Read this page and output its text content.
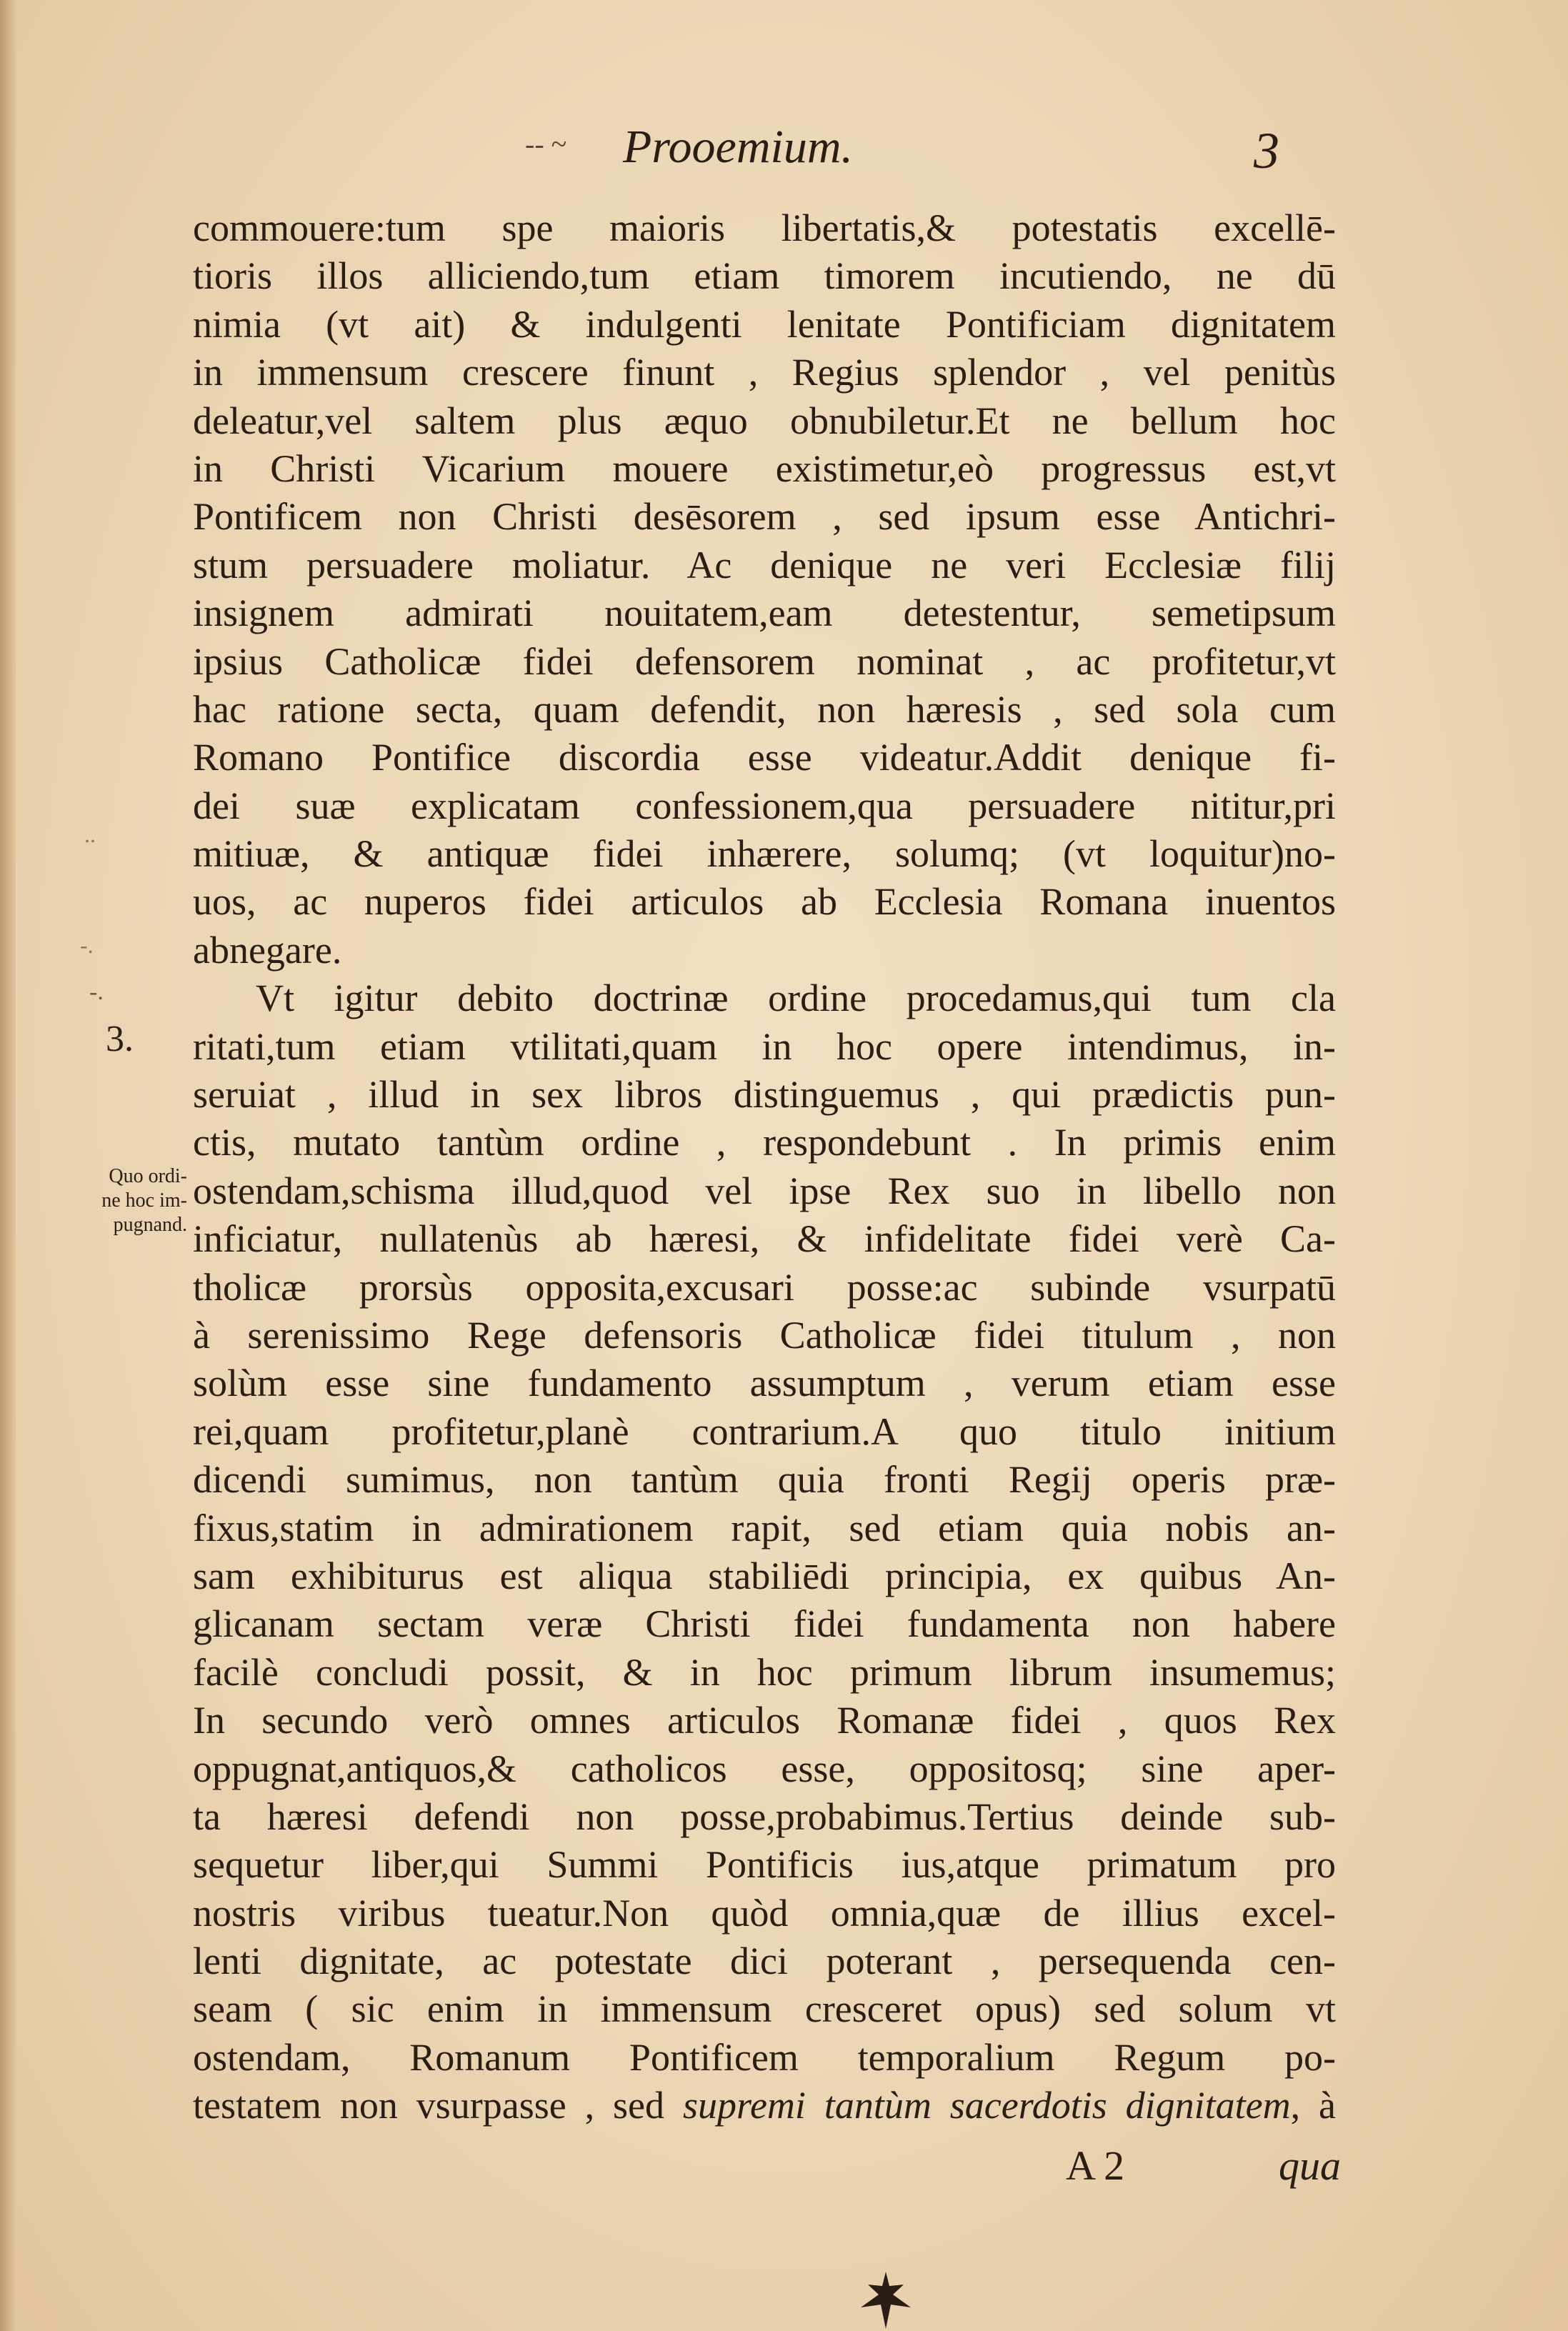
-- ~ Prooemium.	3
commouere:tum spe maioris libertatis,& potestatis excellē-
tioris illos alliciendo,tum etiam timorem incutiendo, ne dū
nimia (vt ait) & indulgenti lenitate Pontificiam dignitatem
in immensum crescere finunt , Regius splendor , vel penitùs
deleatur,vel saltem plus æquo obnubiletur.Et ne bellum hoc
in Christi Vicarium mouere existimetur,eò progressus est,vt
Pontificem non Christi desēsorem , sed ipsum esse Antichri-
stum persuadere moliatur. Ac denique ne veri Ecclesiæ filij
insignem admirati nouitatem,eam detestentur, semetipsum
ipsius Catholicæ fidei defensorem nominat , ac profitetur,vt
hac ratione secta, quam defendit, non hæresis , sed sola cum
Romano Pontifice discordia esse videatur.Addit denique fi-
dei suæ explicatam confessionem,qua persuadere nititur,pri
mitiuæ, & antiquæ fidei inhærere, solumq; (vt loquitur)no-
uos, ac nuperos fidei articulos ab Ecclesia Romana inuentos
abnegare.
Vt igitur debito doctrinæ ordine procedamus,qui tum cla
ritati,tum etiam vtilitati,quam in hoc opere intendimus, in-
seruiat , illud in sex libros distinguemus , qui prædictis pun-
ctis, mutato tantùm ordine , respondebunt . In primis enim
ostendam,schisma illud,quod vel ipse Rex suo in libello non
inficiatur, nullatenùs ab hæresi, & infidelitate fidei verè Ca-
tholicæ prorsùs opposita,excusari posse:ac subinde vsurpatū
à serenissimo Rege defensoris Catholicæ fidei titulum , non
solùm esse sine fundamento assumptum , verum etiam esse
rei,quam profitetur,planè contrarium.A quo titulo initium
dicendi sumimus, non tantùm quia fronti Regij operis præ-
fixus,statim in admirationem rapit, sed etiam quia nobis an-
sam exhibiturus est aliqua stabiliēdi principia, ex quibus An-
glicanam sectam veræ Christi fidei fundamenta non habere
facilè concludi possit, & in hoc primum librum insumemus;
In secundo verò omnes articulos Romanæ fidei , quos Rex
oppugnat,antiquos,& catholicos esse, oppositosq; sine aper-
ta hæresi defendi non posse,probabimus.Tertius deinde sub-
sequetur liber,qui Summi Pontificis ius,atque primatum pro
nostris viribus tueatur.Non quòd omnia,quæ de illius excel-
lenti dignitate, ac potestate dici poterant , persequenda cen-
seam ( sic enim in immensum cresceret opus) sed solum vt
ostendam, Romanum Pontificem temporalium Regum po-
testatem non vsurpasse , sed supremi tantùm sacerdotis dignitatem, à
..
-.
-.
3.
Quo ordi-
ne hoc im-
pugnand.
A 2	qua
